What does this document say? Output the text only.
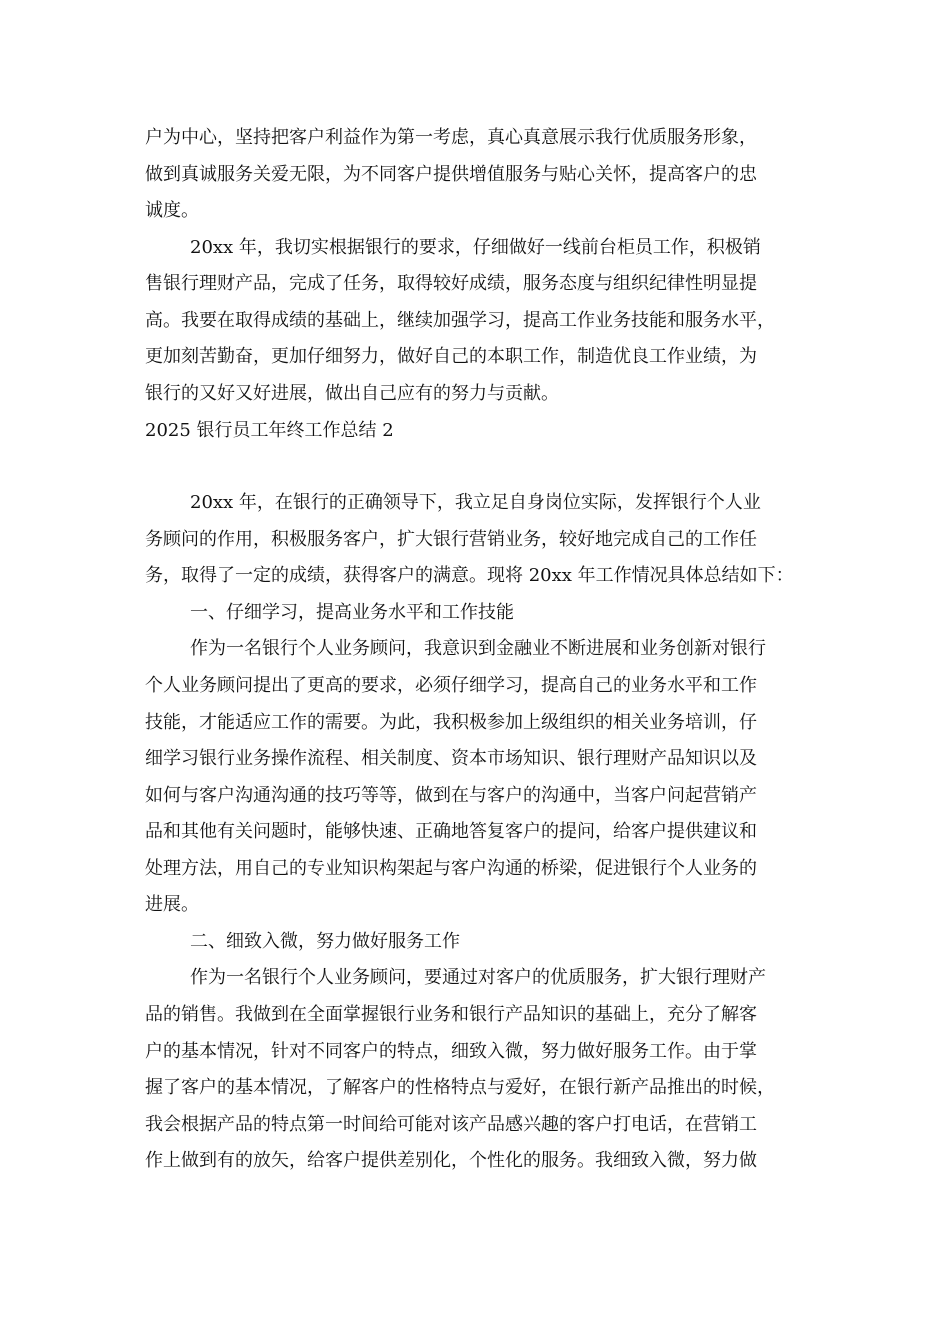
户为中心，坚持把客户利益作为第一考虑，真心真意展示我行优质服务形象，

做到真诚服务关爱无限，为不同客户提供增值服务与贴心关怀，提高客户的忠

诚度。

20xx 年，我切实根据银行的要求，仔细做好一线前台柜员工作，积极销

售银行理财产品，完成了任务，取得较好成绩，服务态度与组织纪律性明显提

高。我要在取得成绩的基础上，继续加强学习，提高工作业务技能和服务水平，

更加刻苦勤奋，更加仔细努力，做好自己的本职工作，制造优良工作业绩，为

银行的又好又好进展，做出自己应有的努力与贡献。

2025 银行员工年终工作总结 2

20xx 年，在银行的正确领导下，我立足自身岗位实际，发挥银行个人业

务顾问的作用，积极服务客户，扩大银行营销业务，较好地完成自己的工作任

务，取得了一定的成绩，获得客户的满意。现将 20xx 年工作情况具体总结如下：

一、仔细学习，提高业务水平和工作技能

作为一名银行个人业务顾问，我意识到金融业不断进展和业务创新对银行

个人业务顾问提出了更高的要求，必须仔细学习，提高自己的业务水平和工作

技能，才能适应工作的需要。为此，我积极参加上级组织的相关业务培训，仔

细学习银行业务操作流程、相关制度、资本市场知识、银行理财产品知识以及

如何与客户沟通沟通的技巧等等，做到在与客户的沟通中，当客户问起营销产

品和其他有关问题时，能够快速、正确地答复客户的提问，给客户提供建议和

处理方法，用自己的专业知识构架起与客户沟通的桥梁，促进银行个人业务的

进展。

二、细致入微，努力做好服务工作

作为一名银行个人业务顾问，要通过对客户的优质服务，扩大银行理财产

品的销售。我做到在全面掌握银行业务和银行产品知识的基础上，充分了解客

户的基本情况，针对不同客户的特点，细致入微，努力做好服务工作。由于掌

握了客户的基本情况，了解客户的性格特点与爱好，在银行新产品推出的时候，

我会根据产品的特点第一时间给可能对该产品感兴趣的客户打电话，在营销工

作上做到有的放矢，给客户提供差别化，个性化的服务。我细致入微，努力做
